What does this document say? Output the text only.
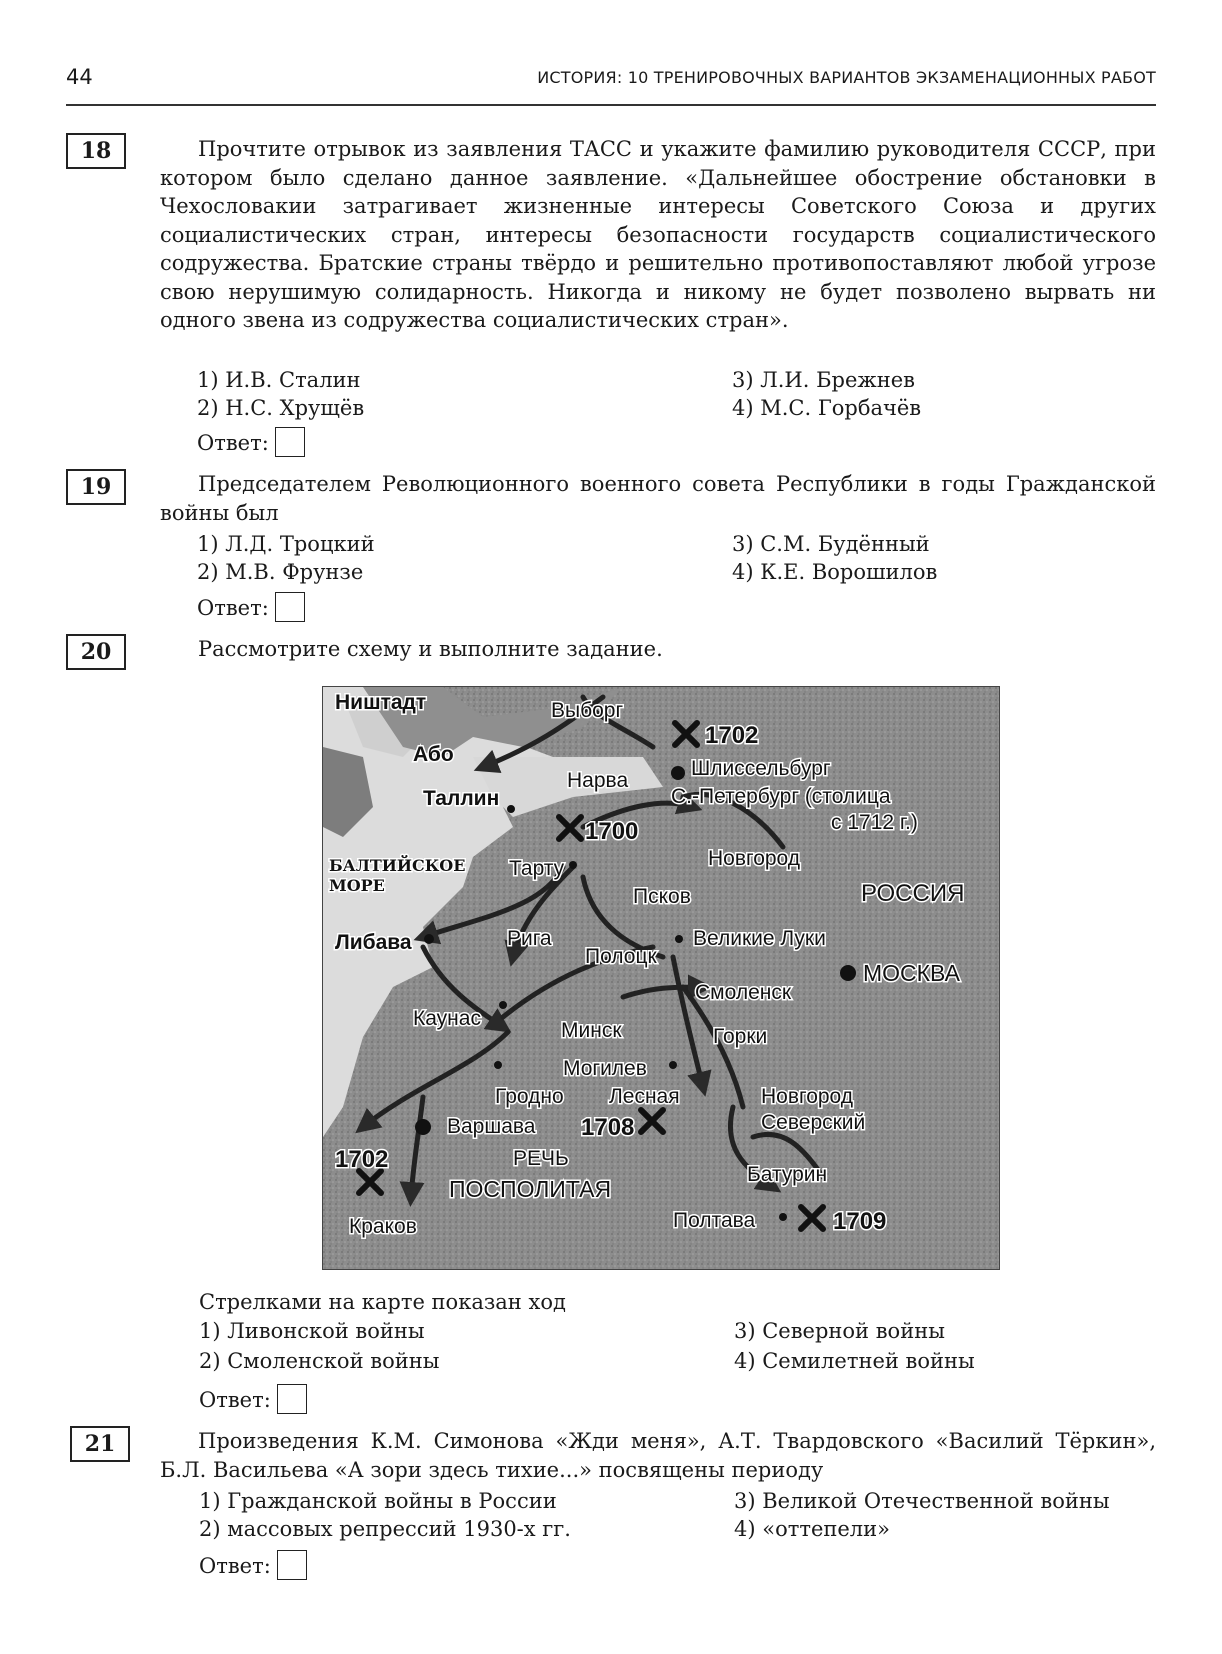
44	ИСТОРИЯ: 10 ТРЕНИРОВОЧНЫХ ВАРИАНТОВ ЭКЗАМЕНАЦИОННЫХ РАБОТ
18	Прочтите отрывок из заявления ТАСС и укажите фамилию руководителя СССР, при котором было сделано данное заявление. «Дальнейшее обострение обстановки в Чехословакии затрагивает жизненные интересы Советского Союза и других социалистических стран, интересы безопасности государств социалистического содружества. Братские страны твёрдо и решительно противопоставляют любой угрозе свою нерушимую солидарность. Никогда и никому не будет позволено вырвать ни одного звена из содружества социалистических стран».

1) И.В. Сталин
2) Н.С. Хрущёв
3) Л.И. Брежнев
4) М.С. Горбачёв
Ответ:
19	Председателем Революционного военного совета Республики в годы Гражданской войны был

1) Л.Д. Троцкий
2) М.В. Фрунзе
3) С.М. Будённый
4) К.Е. Ворошилов
Ответ:
20	Рассмотрите схему и выполните задание.

Ништадт	Выборг
1702
Або
Шлиссельбург
Нарва
Таллин	С.-Петербург (столица
с 1712 г.)
1700
Новгород
БАЛТИЙСКОЕ
МОРЕ
Тарту
Псков	РОССИЯ
Либава	Рига
Полоцк
Великие Луки
МОСКВА
Смоленск
Каунас
Минск	Горки
Могилев
Гродно Лесная	Новгород
Северский
Варшава 1708
РЕЧЬ
1702
Батурин
ПОСПОЛИТАЯ
Краков	Полтава	1709
Стрелками на карте показан ход
1) Ливонской войны
2) Смоленской войны
3) Северной войны
4) Семилетней войны
Ответ:
21	Произведения К.М. Симонова «Жди меня», А.Т. Твардовского «Василий Тёркин», Б.Л. Васильева «А зори здесь тихие...» посвящены периоду

1) Гражданской войны в России
2) массовых репрессий 1930-х гг.
3) Великой Отечественной войны
4) «оттепели»
Ответ:
